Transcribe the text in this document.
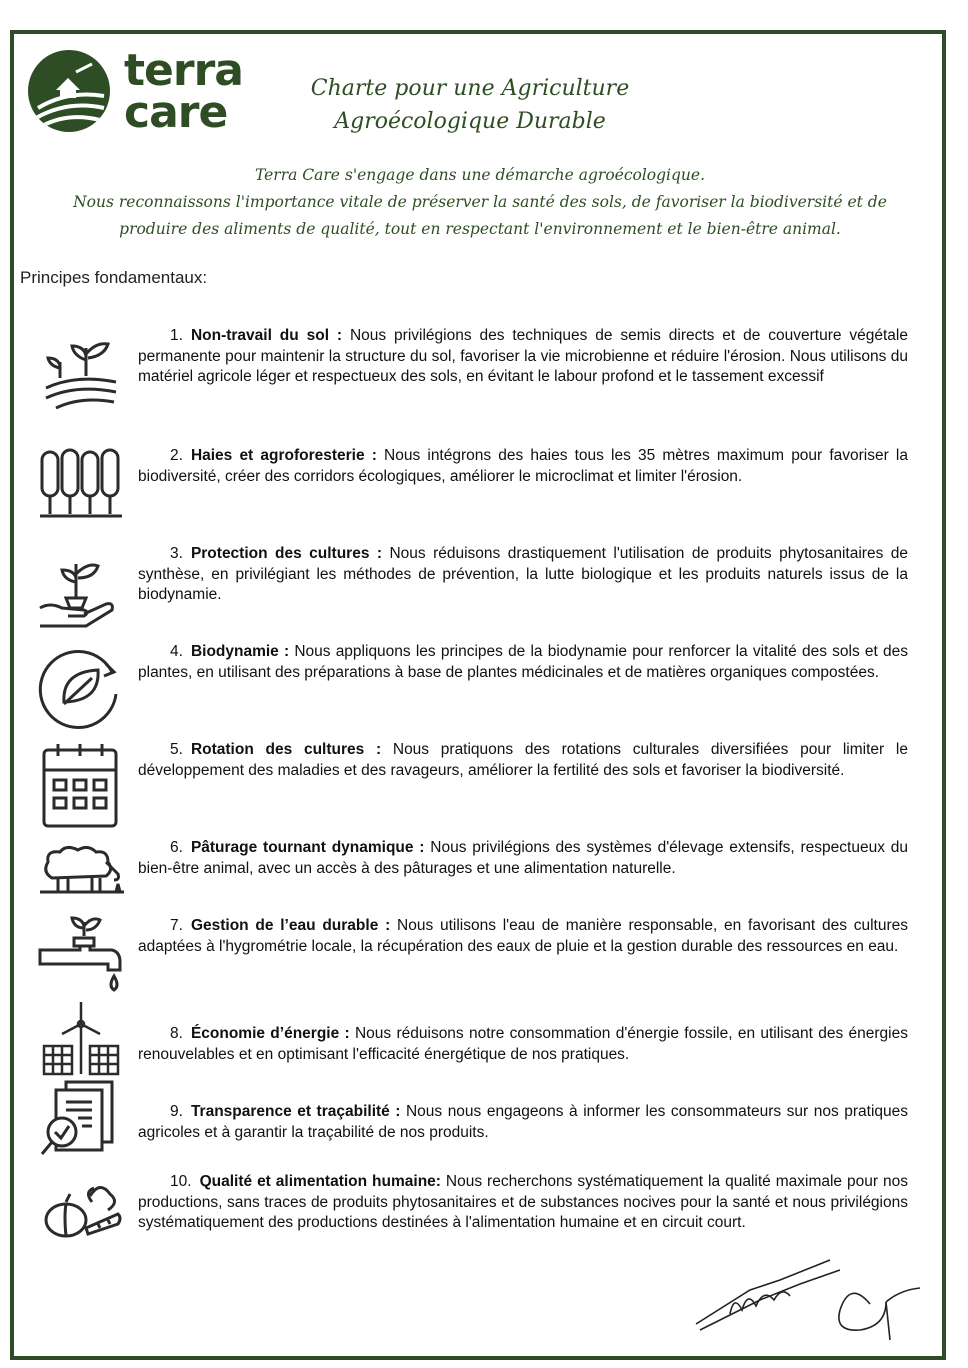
terra
care	Charte pour une Agriculture
Agroécologique Durable
Terra Care s'engage dans une démarche agroécologique.
Nous reconnaissons l'importance vitale de préserver la santé des sols, de favoriser la biodiversité et de produire des aliments de qualité, tout en respectant l'environnement et le bien-être animal.
Principes fondamentaux:
1. Non-travail du sol : Nous privilégions des techniques de semis directs et de couverture végétale permanente pour maintenir la structure du sol, favoriser la vie microbienne et réduire l'érosion. Nous utilisons du matériel agricole léger et respectueux des sols, en évitant le labour profond et le tassement excessif
2. Haies et agroforesterie : Nous intégrons des haies tous les 35 mètres maximum pour favoriser la biodiversité, créer des corridors écologiques, améliorer le microclimat et limiter l'érosion.
3. Protection des cultures : Nous réduisons drastiquement l'utilisation de produits phytosanitaires de synthèse, en privilégiant les méthodes de prévention, la lutte biologique et les produits naturels issus de la biodynamie.
4. Biodynamie : Nous appliquons les principes de la biodynamie pour renforcer la vitalité des sols et des plantes, en utilisant des préparations à base de plantes médicinales et de matières organiques compostées.
5. Rotation des cultures : Nous pratiquons des rotations culturales diversifiées pour limiter le développement des maladies et des ravageurs, améliorer la fertilité des sols et favoriser la biodiversité.
6. Pâturage tournant dynamique : Nous privilégions des systèmes d'élevage extensifs, respectueux du bien-être animal, avec un accès à des pâturages et une alimentation naturelle.
7. Gestion de l’eau durable : Nous utilisons l'eau de manière responsable, en favorisant des cultures adaptées à l'hygrométrie locale, la récupération des eaux de pluie et la gestion durable des ressources en eau.
8. Économie d’énergie : Nous réduisons notre consommation d'énergie fossile, en utilisant des énergies renouvelables et en optimisant l'efficacité énergétique de nos pratiques.
9. Transparence et traçabilité : Nous nous engageons à informer les consommateurs sur nos pratiques agricoles et à garantir la traçabilité de nos produits.
10. Qualité et alimentation humaine: Nous recherchons systématiquement la qualité maximale pour nos productions, sans traces de produits phytosanitaires et de substances nocives pour la santé et nous privilégions systématiquement des productions destinées à l'alimentation humaine et en circuit court.
